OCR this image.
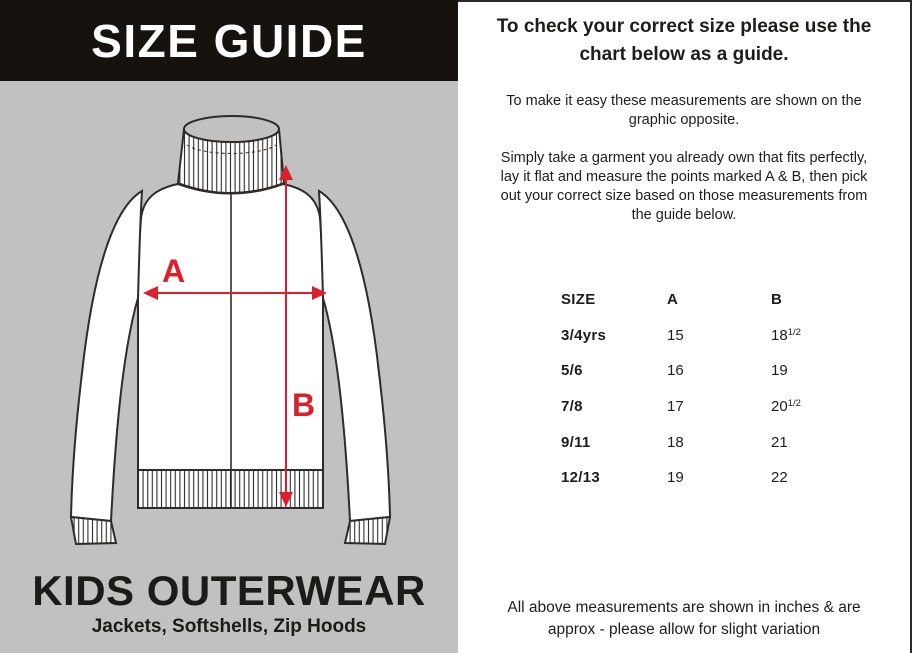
SIZE GUIDE
A
B
KIDS OUTERWEAR
Jackets, Softshells, Zip Hoods
To check your correct size please use the chart below as a guide.
To make it easy these measurements are shown on the graphic opposite.
Simply take a garment you already own that fits perfectly, lay it flat and measure the points marked A & B, then pick out your correct size based on those measurements from the guide below.
SIZE	A	B
3/4yrs	15	$18^{1/2}$
5/6	16	19
7/8	17	$20^{1/2}$
9/11	18	21
12/13	19	22
All above measurements are shown in inches & are approx - please allow for slight variation
